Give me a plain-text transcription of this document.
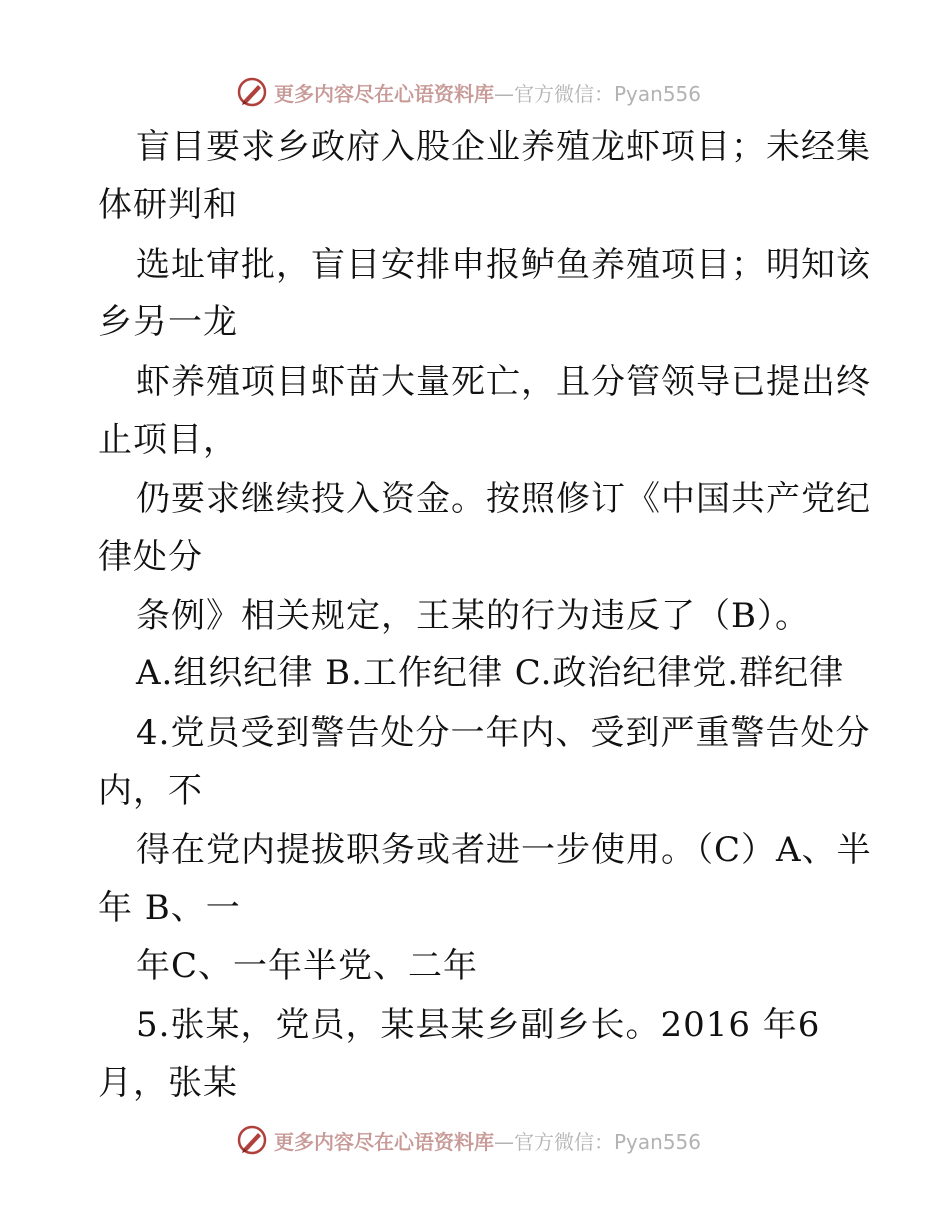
更多内容尽在心语资料库 —官方微信：Pyan556
盲目要求乡政府入股企业养殖龙虾项目；未经集
体研判和
选址审批，盲目安排申报鲈鱼养殖项目；明知该
乡另一龙
虾养殖项目虾苗大量死亡，且分管领导已提出终
止项目，
仍要求继续投入资金。按照修订《中国共产党纪
律处分
条例》相关规定，王某的行为违反了（B）。
A.组织纪律 B.工作纪律 C.政治纪律党.群纪律
4.党员受到警告处分一年内、受到严重警告处分
内，不
得在党内提拔职务或者进一步使用。（C）A、半
年 B、一
年C、一年半党、二年
5.张某，党员，某县某乡副乡长。2016 年6
月，张某
更多内容尽在心语资料库 —官方微信：Pyan556
